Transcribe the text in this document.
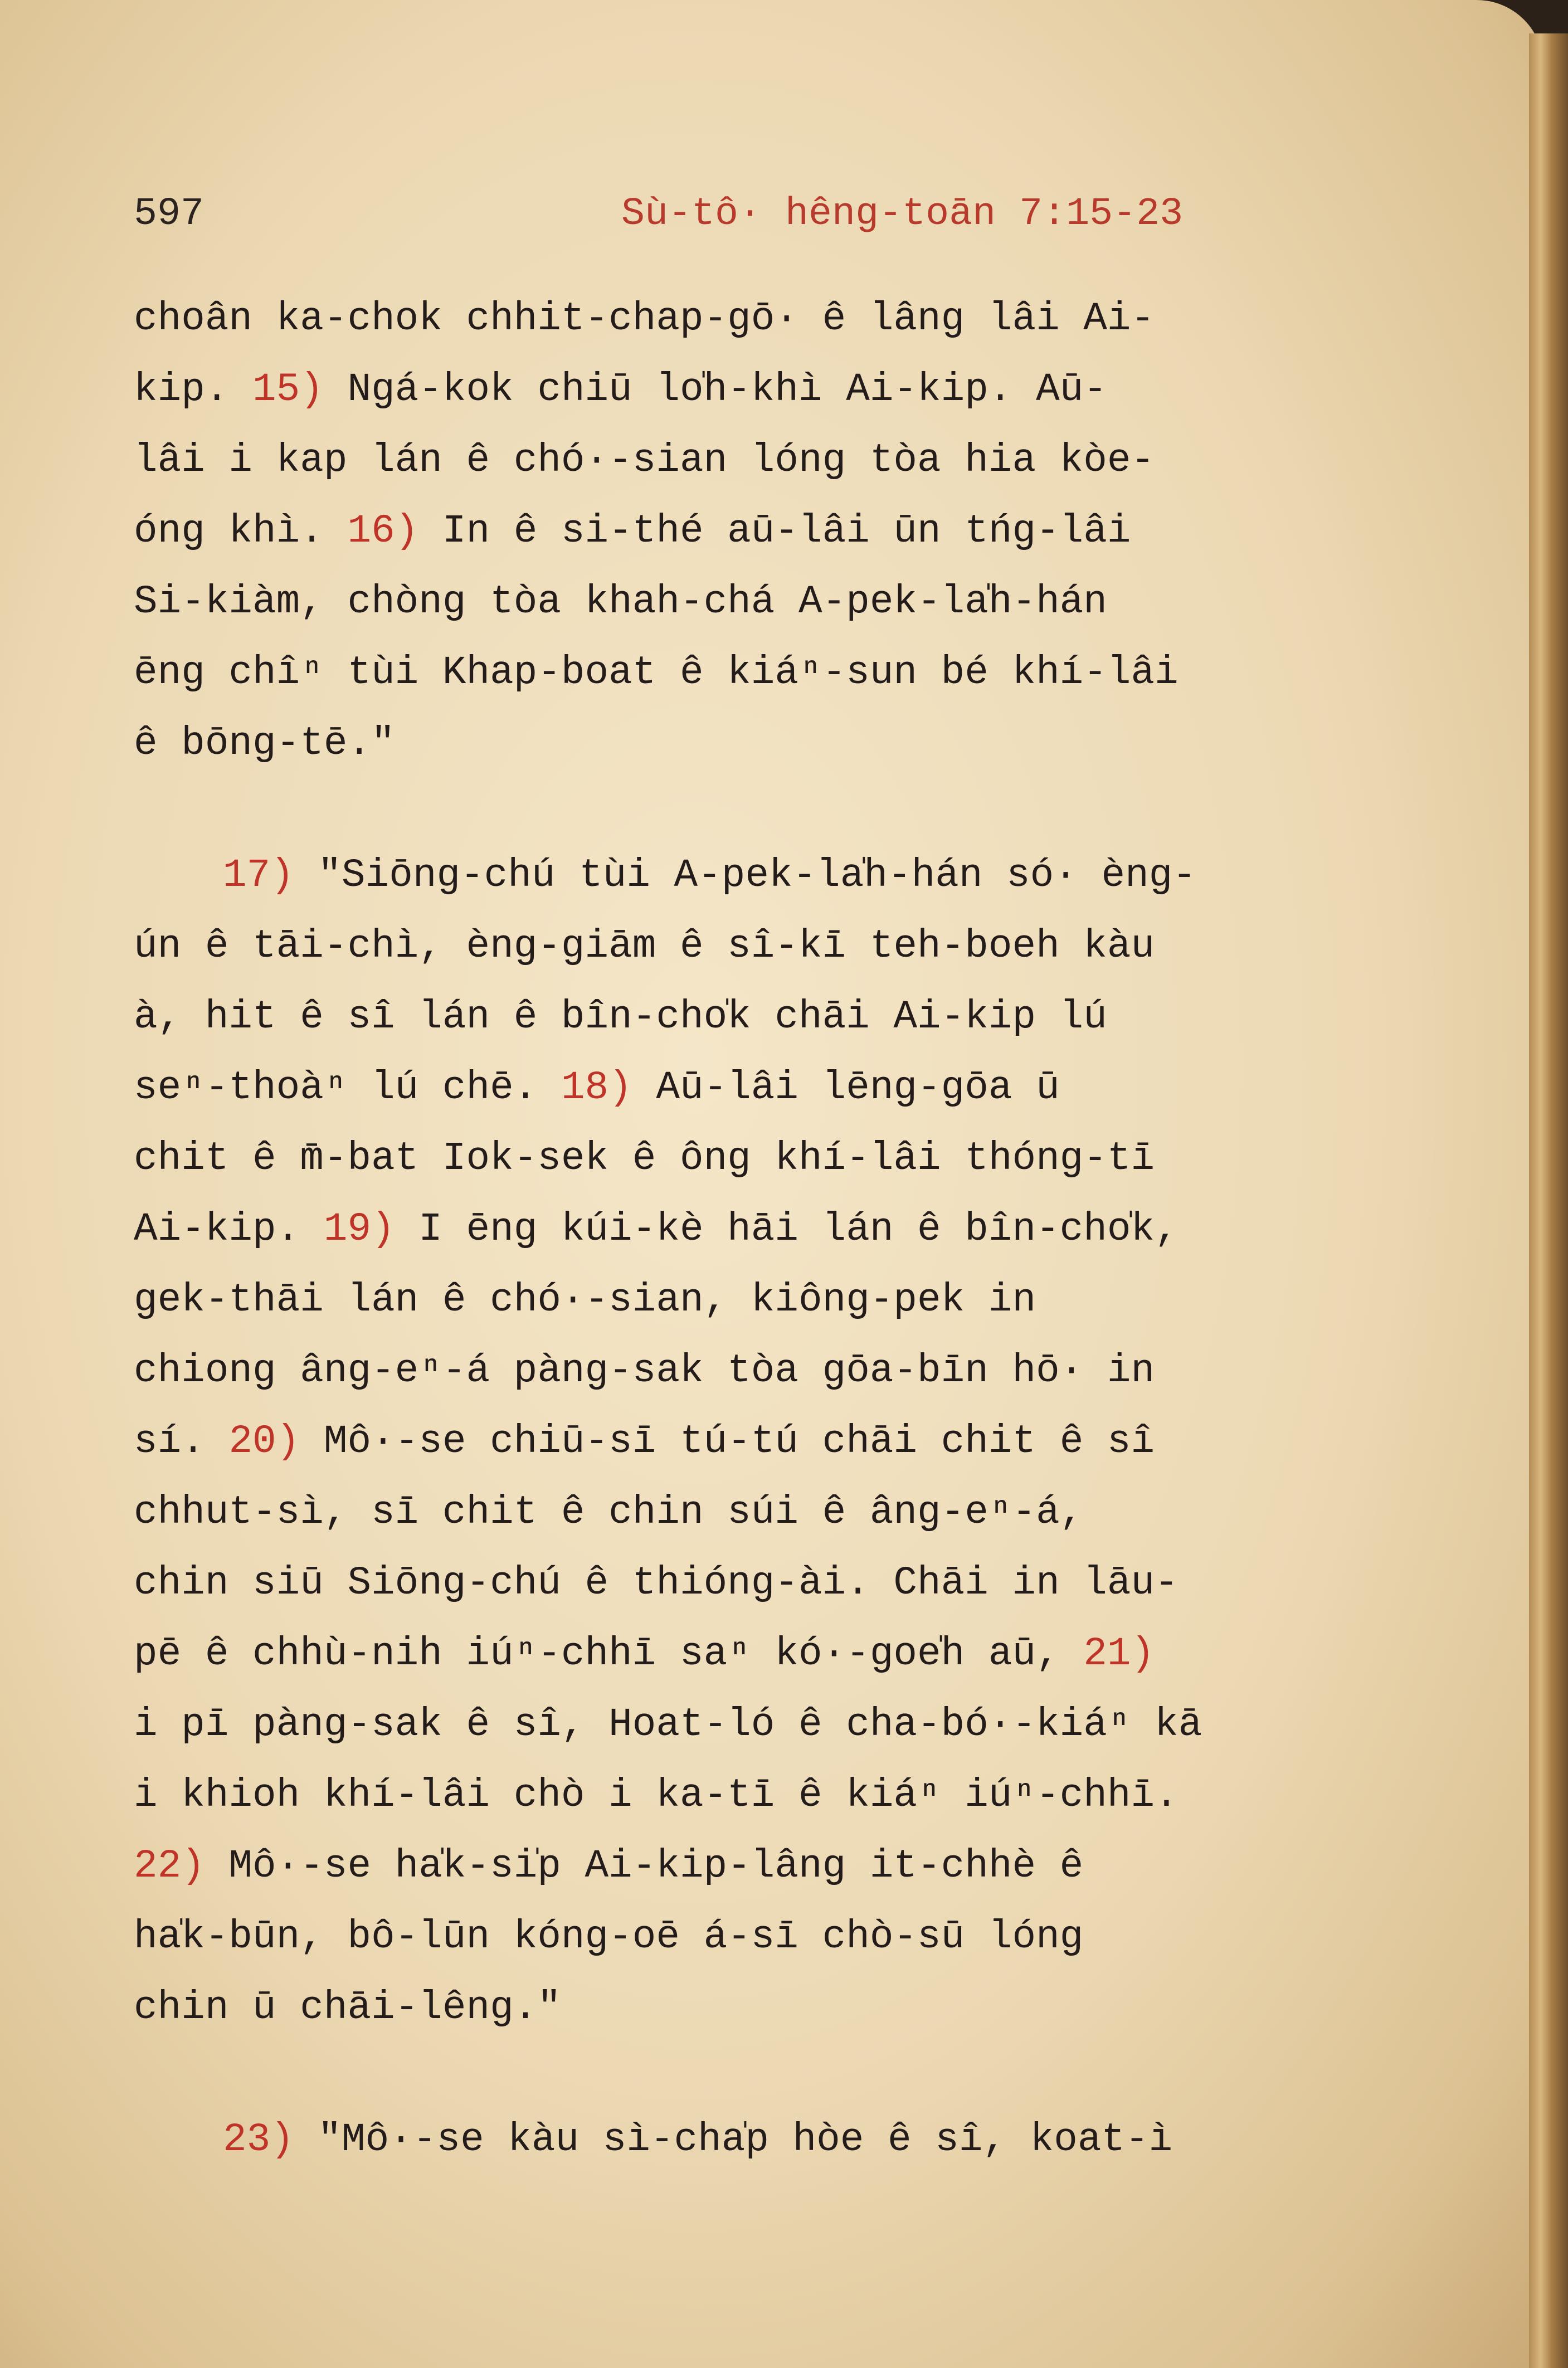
597	Sù-tô· hêng-toān 7:15-23
choân ka-chok chhit-chap-gō· ê lâng lâi Ai-
kip. 15) Ngá-kok chiū lo̍h-khì Ai-kip. Aū-
lâi i kap lán ê chó·-sian lóng tòa hia kòe-
óng khì. 16) In ê si-thé aū-lâi ūn tńg-lâi
Si-kiàm, chòng tòa khah-chá A-pek-la̍h-hán
ēng chîⁿ tùi Khap-boat ê kiáⁿ-sun bé khí-lâi
ê bōng-tē."
17) "Siōng-chú tùi A-pek-la̍h-hán só· èng-
ún ê tāi-chì, èng-giām ê sî-kī teh-boeh kàu
à, hit ê sî lán ê bîn-cho̍k chāi Ai-kip lú
seⁿ-thoàⁿ lú chē. 18) Aū-lâi lēng-gōa ū
chit ê m̄-bat Iok-sek ê ông khí-lâi thóng-tī
Ai-kip. 19) I ēng kúi-kè hāi lán ê bîn-cho̍k,
gek-thāi lán ê chó·-sian, kiông-pek in
chiong âng-eⁿ-á pàng-sak tòa gōa-bīn hō· in
sí. 20) Mô·-se chiū-sī tú-tú chāi chit ê sî
chhut-sì, sī chit ê chin súi ê âng-eⁿ-á,
chin siū Siōng-chú ê thióng-ài. Chāi in lāu-
pē ê chhù-nih iúⁿ-chhī saⁿ kó·-goe̍h aū, 21)
i pī pàng-sak ê sî, Hoat-ló ê cha-bó·-kiáⁿ kā
i khioh khí-lâi chò i ka-tī ê kiáⁿ iúⁿ-chhī.
22) Mô·-se ha̍k-si̍p Ai-kip-lâng it-chhè ê
ha̍k-būn, bô-lūn kóng-oē á-sī chò-sū lóng
chin ū chāi-lêng."
23) "Mô·-se kàu sì-cha̍p hòe ê sî, koat-ì
